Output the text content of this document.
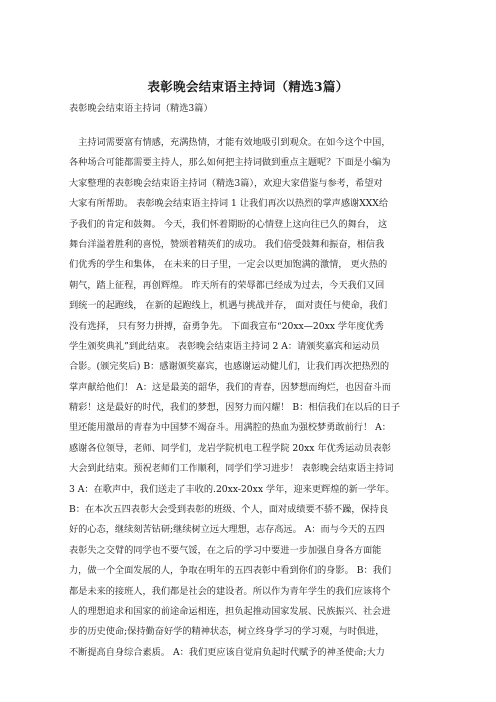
表彰晚会结束语主持词（精选3篇）
表彰晚会结束语主持词（精选3篇）
　主持词需要富有情感，充满热情，才能有效地吸引到观众。在如今这个中国，
各种场合可能都需要主持人，那么如何把主持词做到重点主题呢？下面是小编为
大家整理的表彰晚会结束语主持词（精选3篇），欢迎大家借鉴与参考，希望对
大家有所帮助。 表彰晚会结束语主持词 1 让我们再次以热烈的掌声感谢XXX给
予我们的肯定和鼓舞。 今天，我们怀着期盼的心情登上这向往已久的舞台， 这
舞台洋溢着胜利的喜悦，赞颂着精英们的成功。 我们倍受鼓舞和振奋，相信我
们优秀的学生和集体， 在未来的日子里，一定会以更加饱满的激情， 更火热的
朝气，踏上征程，再创辉煌。 昨天所有的荣辱都已经成为过去，今天我们又回
到统一的起跑线， 在新的起跑线上，机遇与挑战并存， 面对责任与使命，我们
没有选择， 只有努力拼搏，奋勇争先。 下面我宣布“20xx—20xx 学年度优秀
学生颁奖典礼”到此结束。 表彰晚会结束语主持词 2 A：请颁奖嘉宾和运动员
合影。(颁完奖后) B：感谢颁奖嘉宾，也感谢运动健儿们，让我们再次把热烈的
掌声献给他们！ A：这是最美的韶华，我们的青春，因梦想而绚烂，也因奋斗而
精彩！这是最好的时代，我们的梦想，因努力而闪耀！ B：相信我们在以后的日子
里还能用激昂的青春为中国梦不竭奋斗。用满腔的热血为强校梦勇敢前行！ A：
感谢各位领导，老师、同学们，龙岩学院机电工程学院 20xx 年优秀运动员表彰
大会到此结束。预祝老师们工作顺利，同学们学习进步！ 表彰晚会结束语主持词
3 A：在歌声中，我们送走了丰收的.20xx-20xx 学年，迎来更辉煌的新一学年。
B：在本次五四表彰大会受到表彰的班级、个人，面对成绩要不骄不躁，保持良
好的心态，继续刻苦钻研;继续树立远大理想，志存高远。 A：而与今天的五四
表彰失之交臂的同学也不要气馁，在之后的学习中要进一步加强自身各方面能
力，做一个全面发展的人，争取在明年的五四表彰中看到你们的身影。 B：我们
都是未来的接班人，我们都是社会的建设者。所以作为青年学生的我们应该将个
人的理想追求和国家的前途命运相连，担负起推动国家发展、民族振兴、社会进
步的历史使命;保持勤奋好学的精神状态，树立终身学习的学习观，与时俱进，
不断提高自身综合素质。 A：我们更应该自觉肩负起时代赋予的神圣使命;大力
